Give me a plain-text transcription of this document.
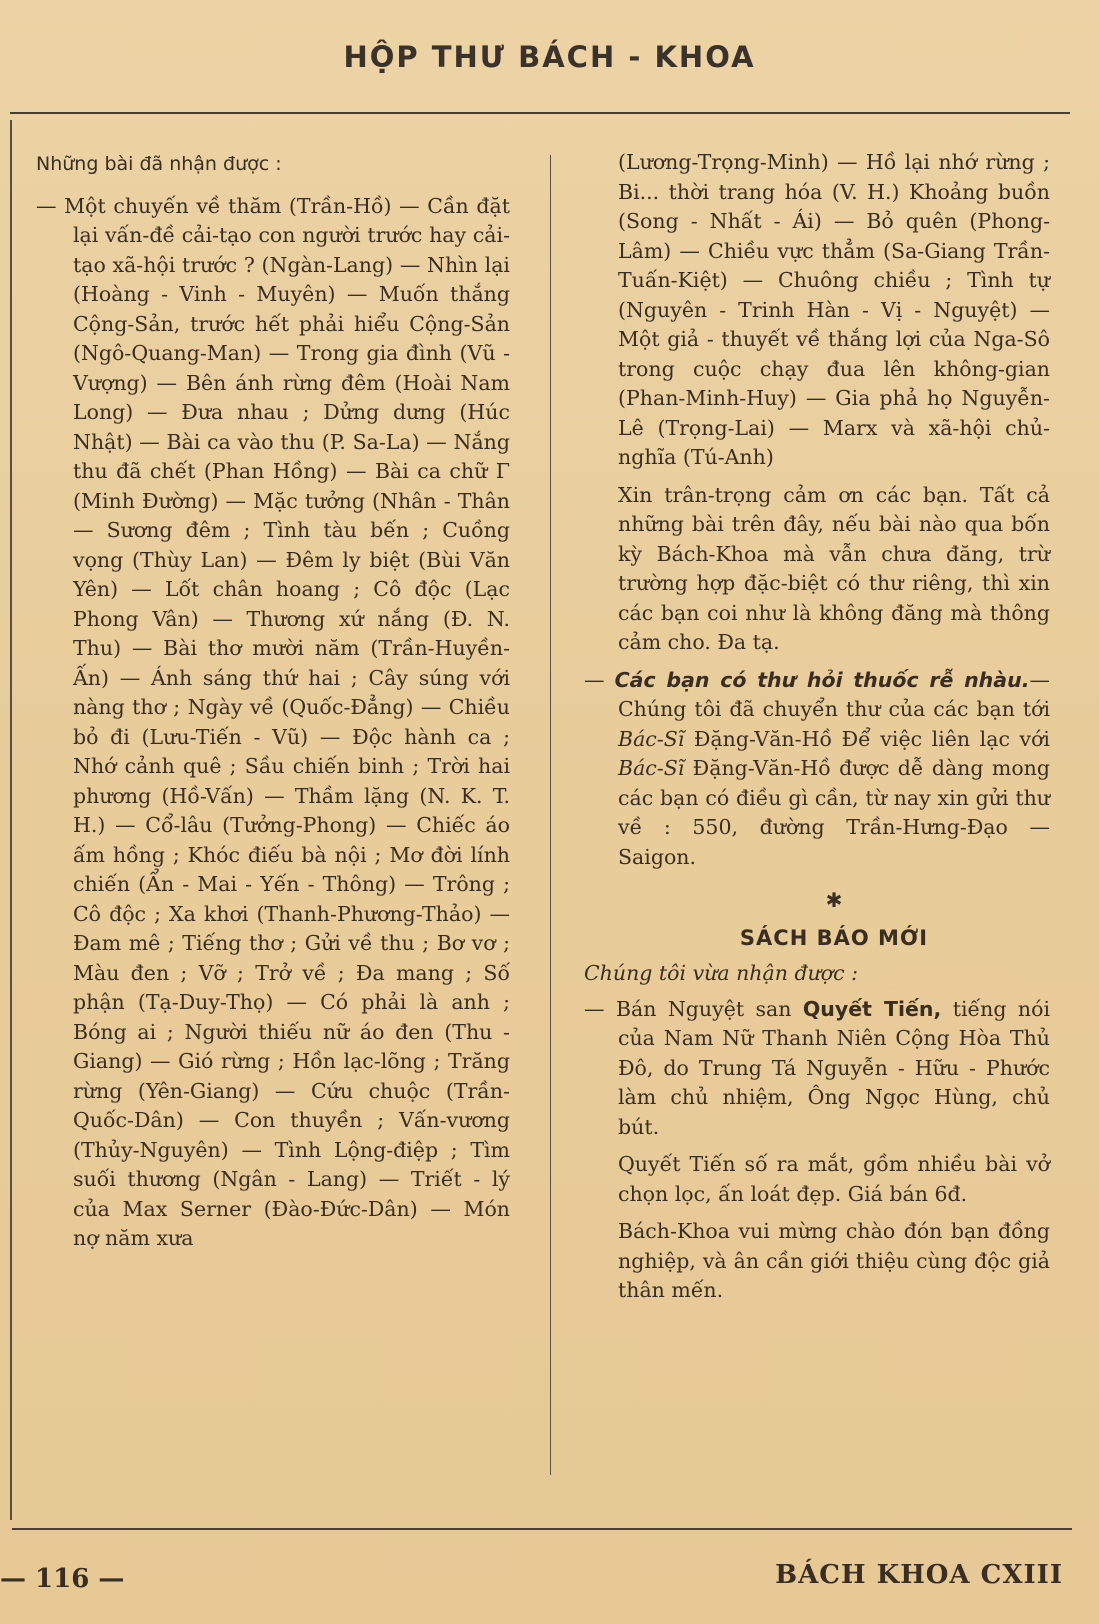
HỘP THƯ BÁCH - KHOA

Những bài đã nhận được :

— Một chuyến về thăm (Trần-Hồ) — Cần đặt lại vấn-đề cải-tạo con người trước hay cải-tạo xã-hội trước ? (Ngàn-Lang) — Nhìn lại (Hoàng - Vinh - Muyên) — Muốn thắng Cộng-Sản, trước hết phải hiểu Cộng-Sản (Ngô-Quang-Man) — Trong gia đình (Vũ - Vượng) — Bên ánh rừng đêm (Hoài Nam Long) — Đưa nhau ; Dửng dưng (Húc Nhật) — Bài ca vào thu (P. Sa-La) — Nắng thu đã chết (Phan Hồng) — Bài ca chữ Γ (Minh Đường) — Mặc tưởng (Nhân - Thân — Sương đêm ; Tình tàu bến ; Cuồng vọng (Thùy Lan) — Đêm ly biệt (Bùi Văn Yên) — Lốt chân hoang ; Cô độc (Lạc Phong Vân) — Thương xứ nắng (Đ. N. Thu) — Bài thơ mười năm (Trần-Huyền-Ấn) — Ánh sáng thứ hai ; Cây súng với nàng thơ ; Ngày về (Quốc-Đẳng) — Chiều bỏ đi (Lưu-Tiến - Vũ) — Độc hành ca ; Nhớ cảnh quê ; Sầu chiến binh ; Trời hai phương (Hồ-Vấn) — Thầm lặng (N. K. T. H.) — Cổ-lâu (Tưởng-Phong) — Chiếc áo ấm hồng ; Khóc điếu bà nội ; Mơ đời lính chiến (Ẩn - Mai - Yến - Thông) — Trông ; Cô độc ; Xa khơi (Thanh-Phương-Thảo) — Đam mê ; Tiếng thơ ; Gửi về thu ; Bơ vơ ; Màu đen ; Vỡ ; Trở về ; Đa mang ; Số phận (Tạ-Duy-Thọ) — Có phải là anh ; Bóng ai ; Người thiếu nữ áo đen (Thu - Giang) — Gió rừng ; Hồn lạc-lõng ; Trăng rừng (Yên-Giang) — Cứu chuộc (Trần-Quốc-Dân) — Con thuyền ; Vấn-vương (Thủy-Nguyên) — Tình Lộng-điệp ; Tìm suối thương (Ngân - Lang) — Triết - lý của Max Serner (Đào-Đức-Dân) — Món nợ năm xưa

(Lương-Trọng-Minh) — Hồ lại nhớ rừng ; Bi... thời trang hóa (V. H.) Khoảng buồn (Song - Nhất - Ái) — Bỏ quên (Phong-Lâm) — Chiều vực thẳm (Sa-Giang Trần-Tuấn-Kiệt) — Chuông chiều ; Tình tự (Nguyên - Trinh Hàn - Vị - Nguyệt) — Một giả - thuyết về thắng lợi của Nga-Sô trong cuộc chạy đua lên không-gian (Phan-Minh-Huy) — Gia phả họ Nguyễn-Lê (Trọng-Lai) — Marx và xã-hội chủ-nghĩa (Tú-Anh)

Xin trân-trọng cảm ơn các bạn. Tất cả những bài trên đây, nếu bài nào qua bốn kỳ Bách-Khoa mà vẫn chưa đăng, trừ trường hợp đặc-biệt có thư riêng, thì xin các bạn coi như là không đăng mà thông cảm cho. Đa tạ.

— Các bạn có thư hỏi thuốc rễ nhàu.— Chúng tôi đã chuyển thư của các bạn tới Bác-Sĩ Đặng-Văn-Hồ Để việc liên lạc với Bác-Sĩ Đặng-Văn-Hồ được dễ dàng mong các bạn có điều gì cần, từ nay xin gửi thư về : 550, đường Trần-Hưng-Đạo — Saigon.

✱
SÁCH BÁO MỚI

Chúng tôi vừa nhận được :

— Bán Nguyệt san Quyết Tiến, tiếng nói của Nam Nữ Thanh Niên Cộng Hòa Thủ Đô, do Trung Tá Nguyễn - Hữu - Phước làm chủ nhiệm, Ông Ngọc Hùng, chủ bút.

Quyết Tiến số ra mắt, gồm nhiều bài vở chọn lọc, ấn loát đẹp. Giá bán 6đ.

Bách-Khoa vui mừng chào đón bạn đồng nghiệp, và ân cần giới thiệu cùng độc giả thân mến.

— 116 —	BÁCH KHOA CXIII
